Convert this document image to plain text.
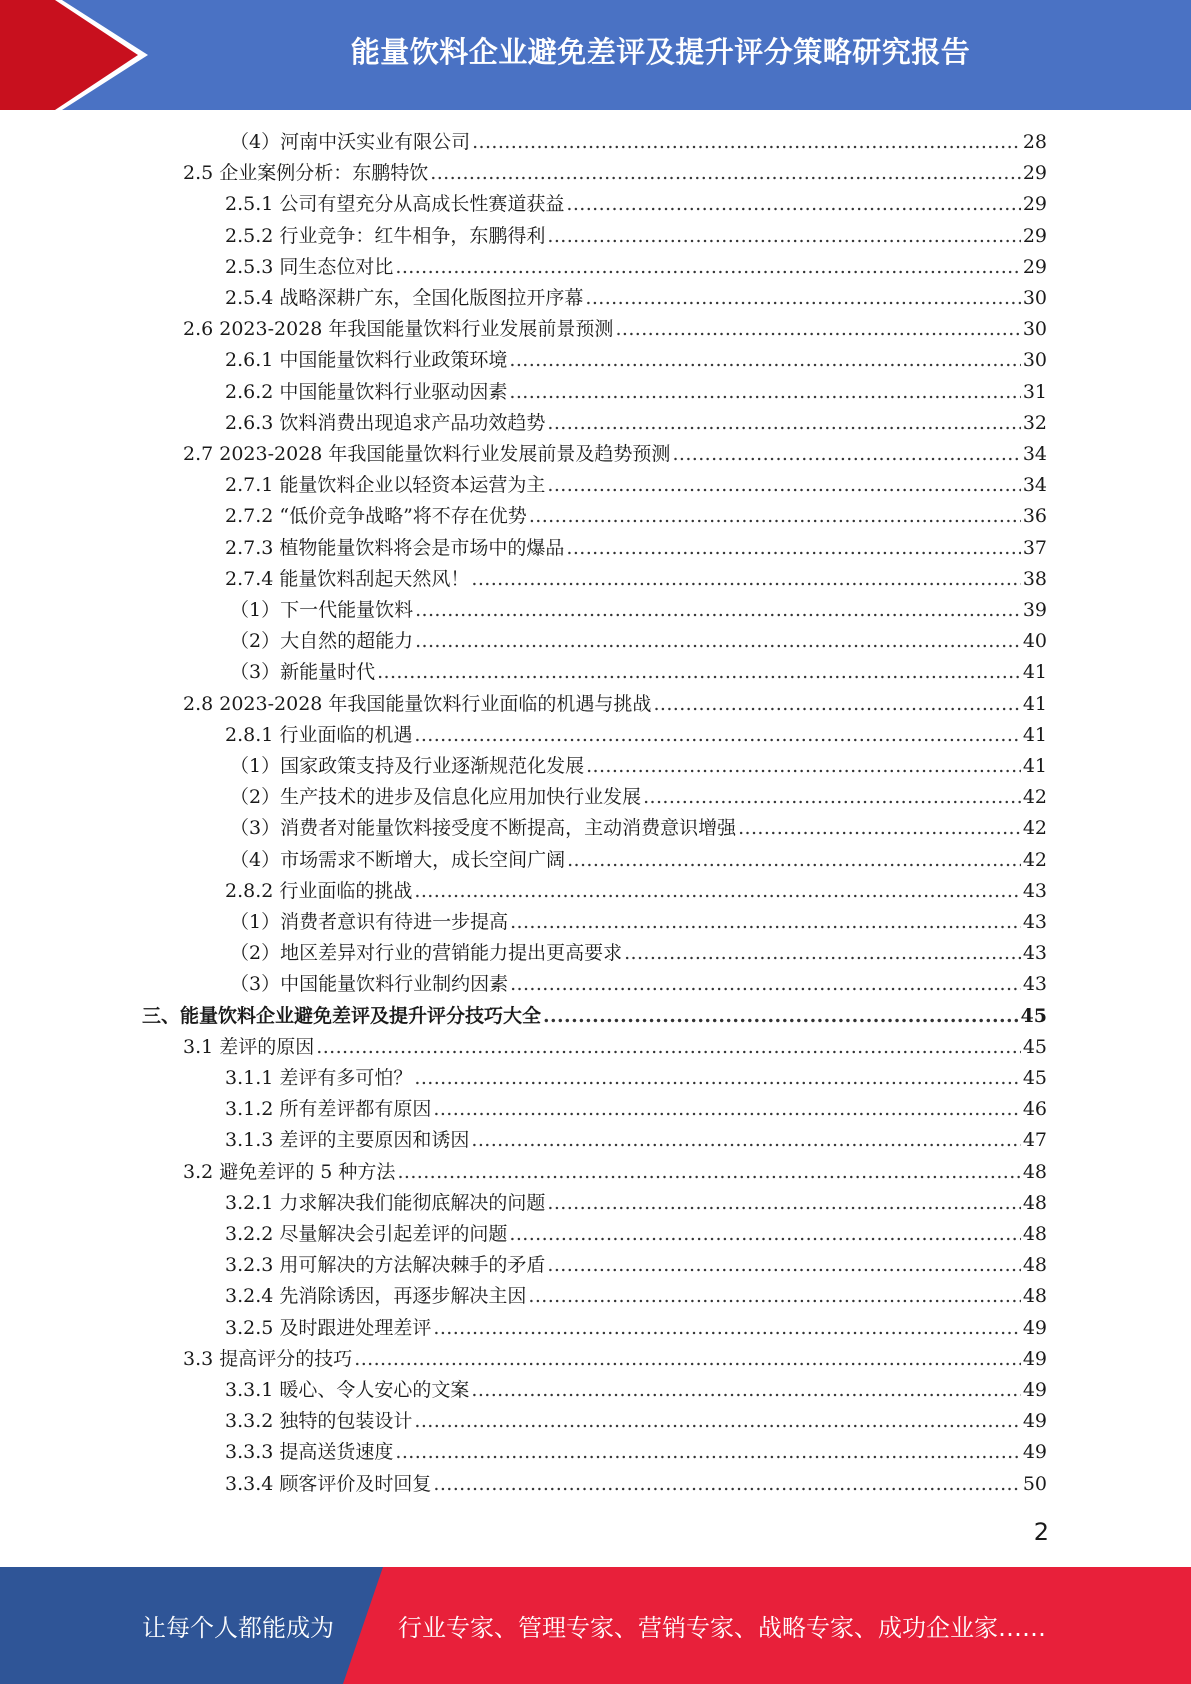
能量饮料企业避免差评及提升评分策略研究报告
（4）河南中沃实业有限公司 .....	28
2.5 企业案例分析：东鹏特饮 .....	29
2.5.1 公司有望充分从高成长性赛道获益 .....	29
2.5.2 行业竞争：红牛相争，东鹏得利 .....	29
2.5.3 同生态位对比 .....	29
2.5.4 战略深耕广东，全国化版图拉开序幕 .....	30
2.6 2023-2028 年我国能量饮料行业发展前景预测 .....	30
2.6.1 中国能量饮料行业政策环境 .....	30
2.6.2 中国能量饮料行业驱动因素 .....	31
2.6.3 饮料消费出现追求产品功效趋势 .....	32
2.7 2023-2028 年我国能量饮料行业发展前景及趋势预测 .....	34
2.7.1 能量饮料企业以轻资本运营为主 .....	34
2.7.2 “低价竞争战略”将不存在优势 .....	36
2.7.3 植物能量饮料将会是市场中的爆品 .....	37
2.7.4 能量饮料刮起天然风！ .....	38
（1）下一代能量饮料 .....	39
（2）大自然的超能力 .....	40
（3）新能量时代 .....	41
2.8 2023-2028 年我国能量饮料行业面临的机遇与挑战 .....	41
2.8.1 行业面临的机遇 .....	41
（1）国家政策支持及行业逐渐规范化发展 .....	41
（2）生产技术的进步及信息化应用加快行业发展 .....	42
（3）消费者对能量饮料接受度不断提高，主动消费意识增强 .....	42
（4）市场需求不断增大，成长空间广阔 .....	42
2.8.2 行业面临的挑战 .....	43
（1）消费者意识有待进一步提高 .....	43
（2）地区差异对行业的营销能力提出更高要求 .....	43
（3）中国能量饮料行业制约因素 .....	43
三、能量饮料企业避免差评及提升评分技巧大全 .....	45
3.1 差评的原因 .....	45
3.1.1 差评有多可怕？ .....	45
3.1.2 所有差评都有原因 .....	46
3.1.3 差评的主要原因和诱因 .....	47
3.2 避免差评的 5 种方法 .....	48
3.2.1 力求解决我们能彻底解决的问题 .....	48
3.2.2 尽量解决会引起差评的问题 .....	48
3.2.3 用可解决的方法解决棘手的矛盾 .....	48
3.2.4 先消除诱因，再逐步解决主因 .....	48
3.2.5 及时跟进处理差评 .....	49
3.3 提高评分的技巧 .....	49
3.3.1 暖心、令人安心的文案 .....	49
3.3.2 独特的包装设计 .....	49
3.3.3 提高送货速度 .....	49
3.3.4 顾客评价及时回复 .....	50
2
让每个人都能成为	行业专家、管理专家、营销专家、战略专家、成功企业家……
